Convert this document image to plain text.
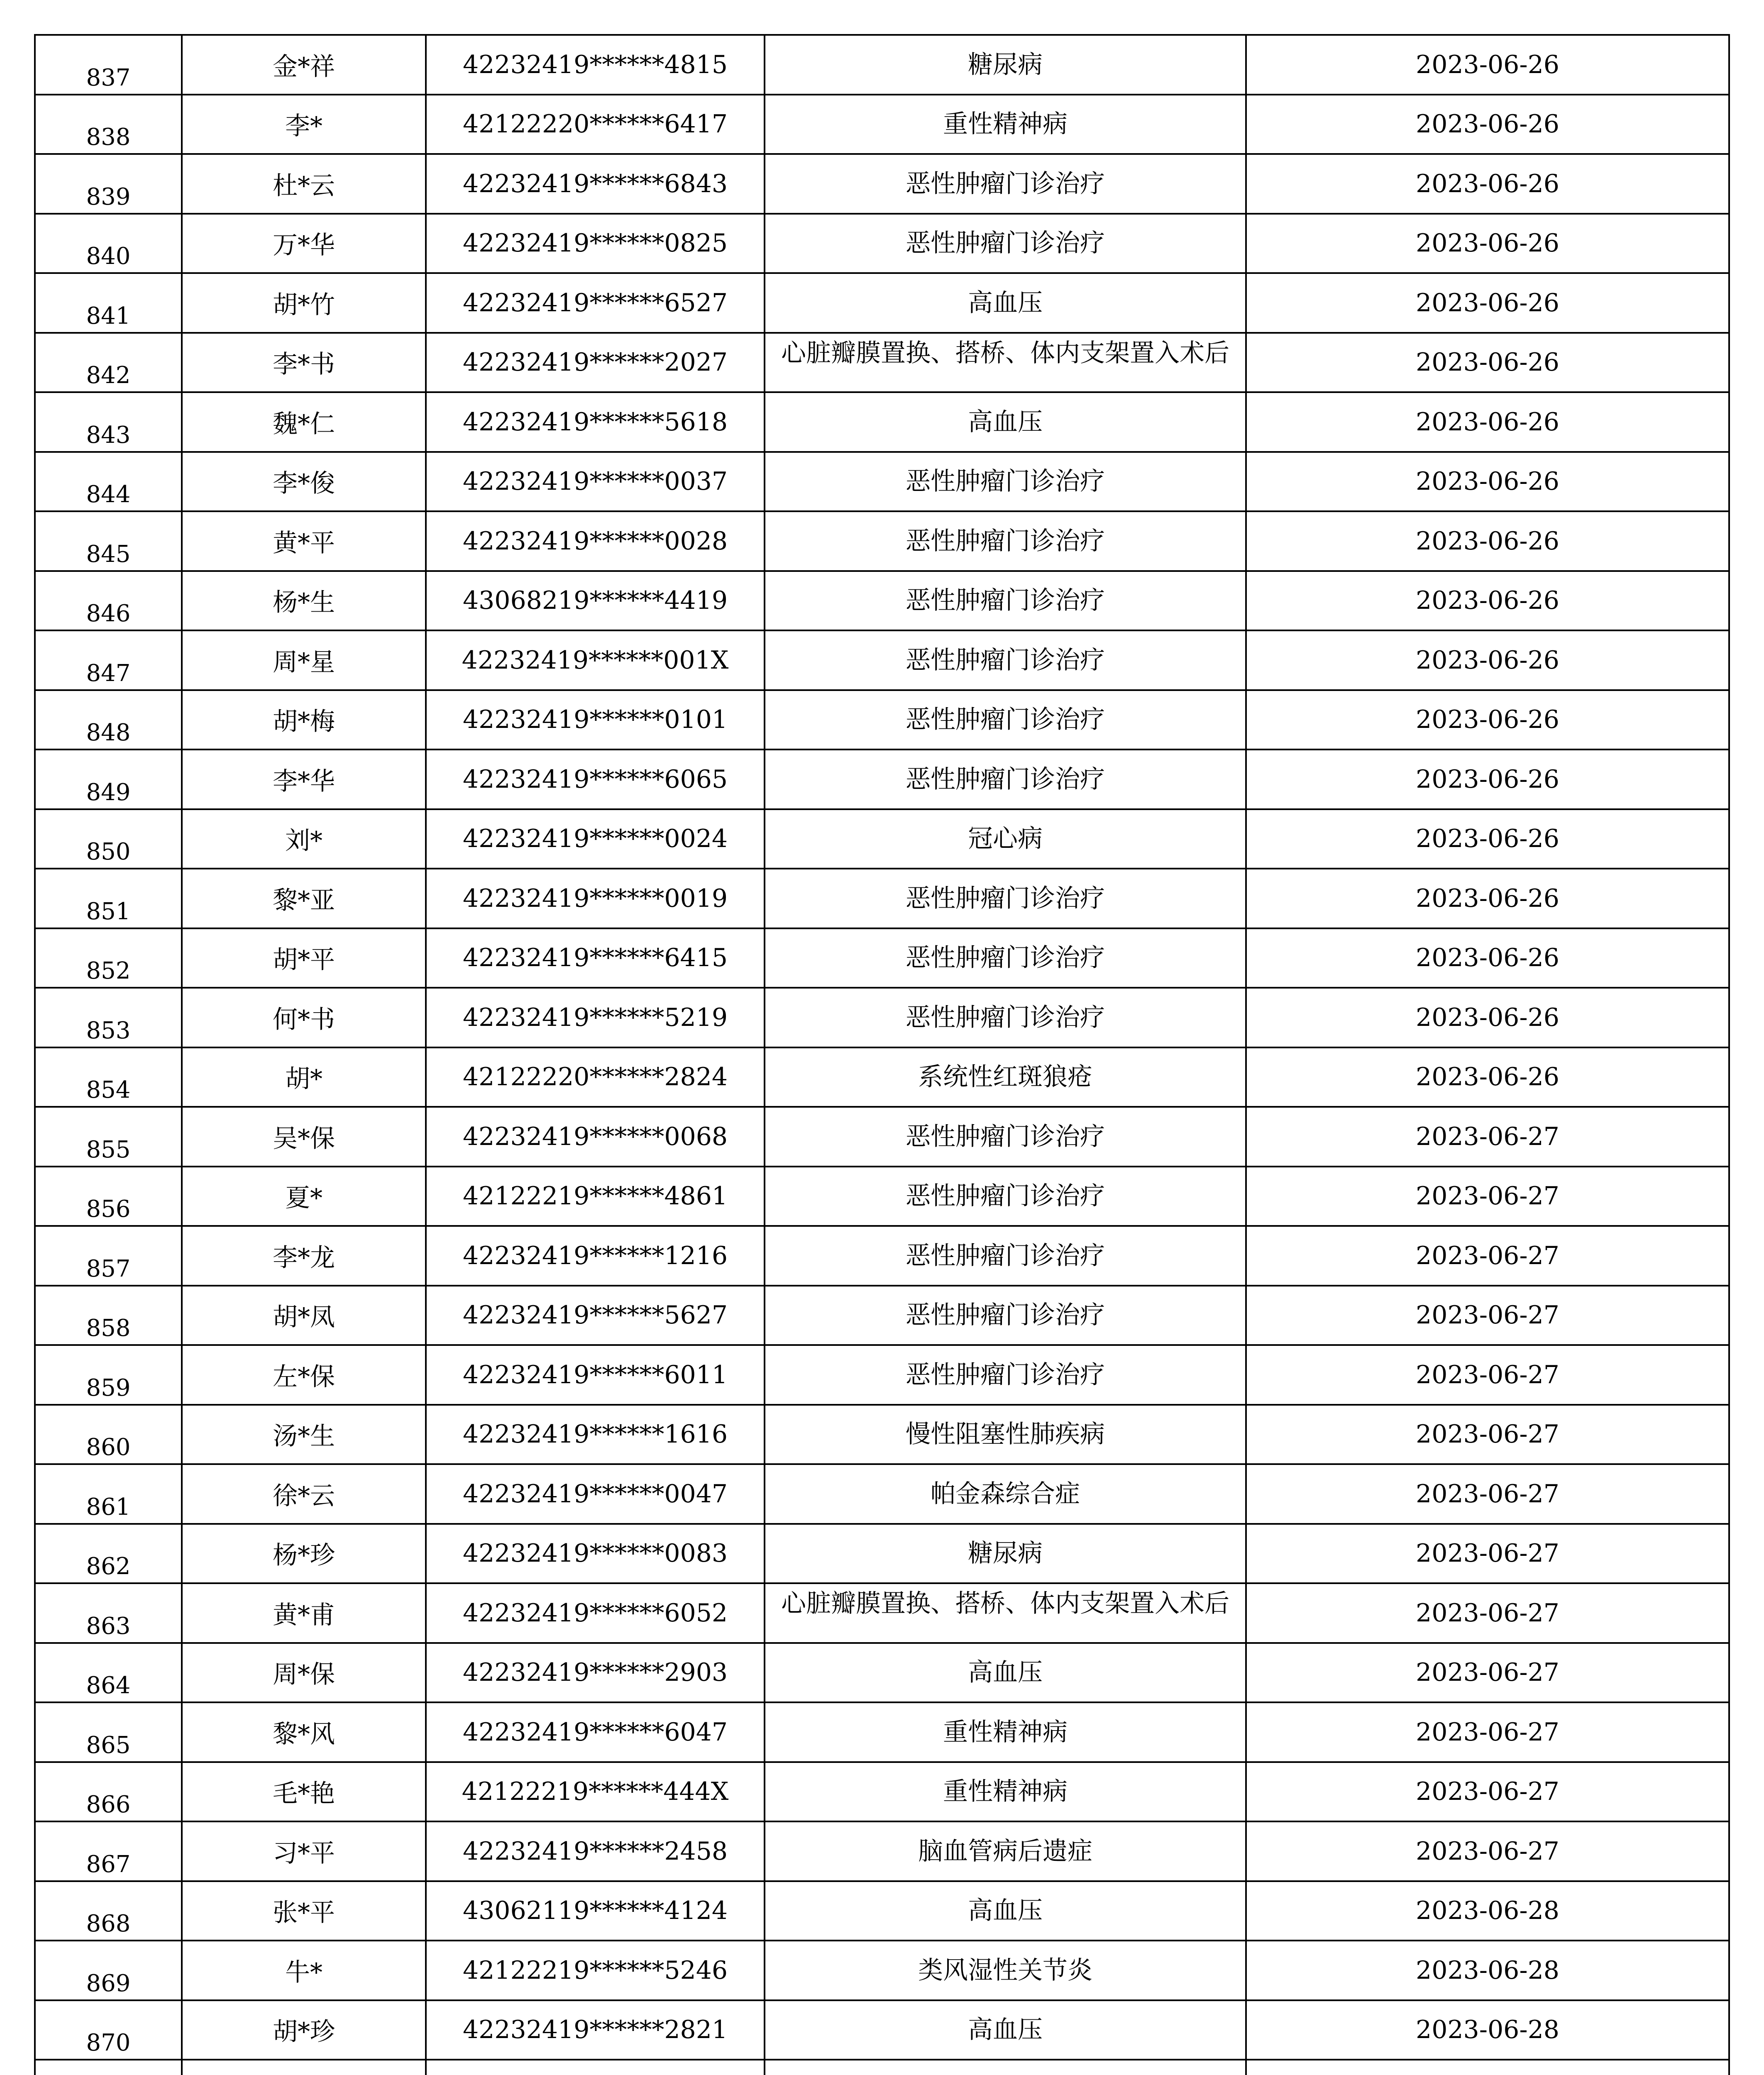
837	金*祥	42232419******4815	糖尿病	2023-06-26
838	李*	42122220******6417	重性精神病	2023-06-26
839	杜*云	42232419******6843	恶性肿瘤门诊治疗	2023-06-26
840	万*华	42232419******0825	恶性肿瘤门诊治疗	2023-06-26
841	胡*竹	42232419******6527	高血压	2023-06-26
842	李*书	42232419******2027	心脏瓣膜置换、搭桥、体内支架置入术后	2023-06-26
843	魏*仁	42232419******5618	高血压	2023-06-26
844	李*俊	42232419******0037	恶性肿瘤门诊治疗	2023-06-26
845	黄*平	42232419******0028	恶性肿瘤门诊治疗	2023-06-26
846	杨*生	43068219******4419	恶性肿瘤门诊治疗	2023-06-26
847	周*星	42232419******001X	恶性肿瘤门诊治疗	2023-06-26
848	胡*梅	42232419******0101	恶性肿瘤门诊治疗	2023-06-26
849	李*华	42232419******6065	恶性肿瘤门诊治疗	2023-06-26
850	刘*	42232419******0024	冠心病	2023-06-26
851	黎*亚	42232419******0019	恶性肿瘤门诊治疗	2023-06-26
852	胡*平	42232419******6415	恶性肿瘤门诊治疗	2023-06-26
853	何*书	42232419******5219	恶性肿瘤门诊治疗	2023-06-26
854	胡*	42122220******2824	系统性红斑狼疮	2023-06-26
855	吴*保	42232419******0068	恶性肿瘤门诊治疗	2023-06-27
856	夏*	42122219******4861	恶性肿瘤门诊治疗	2023-06-27
857	李*龙	42232419******1216	恶性肿瘤门诊治疗	2023-06-27
858	胡*凤	42232419******5627	恶性肿瘤门诊治疗	2023-06-27
859	左*保	42232419******6011	恶性肿瘤门诊治疗	2023-06-27
860	汤*生	42232419******1616	慢性阻塞性肺疾病	2023-06-27
861	徐*云	42232419******0047	帕金森综合症	2023-06-27
862	杨*珍	42232419******0083	糖尿病	2023-06-27
863	黄*甫	42232419******6052	心脏瓣膜置换、搭桥、体内支架置入术后	2023-06-27
864	周*保	42232419******2903	高血压	2023-06-27
865	黎*风	42232419******6047	重性精神病	2023-06-27
866	毛*艳	42122219******444X	重性精神病	2023-06-27
867	习*平	42232419******2458	脑血管病后遗症	2023-06-27
868	张*平	43062119******4124	高血压	2023-06-28
869	牛*	42122219******5246	类风湿性关节炎	2023-06-28
870	胡*珍	42232419******2821	高血压	2023-06-28
